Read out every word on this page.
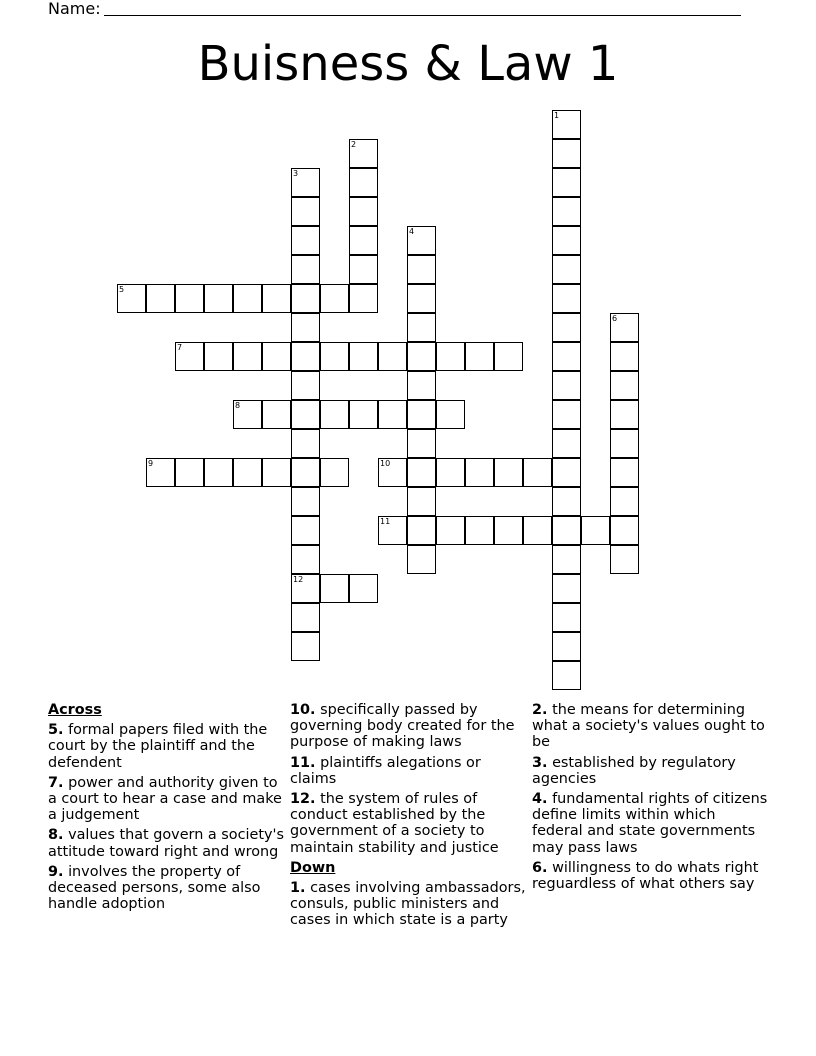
Name:
Buisness & Law 1
1
2
3
12
4
5
6
7
8
9	10
11
Across
5. formal papers filed with the court by the plaintiff and the defendent
7. power and authority given to a court to hear a case and make a judgement
8. values that govern a society's attitude toward right and wrong
9. involves the property of deceased persons, some also handle adoption
10. specifically passed by governing body created for the purpose of making laws
11. plaintiffs alegations or claims
12. the system of rules of conduct established by the government of a society to maintain stability and justice
Down
1. cases involving ambassadors, consuls, public ministers and cases in which state is a party
2. the means for determining what a society's values ought to be
3. established by regulatory agencies
4. fundamental rights of citizens define limits within which federal and state governments may pass laws
6. willingness to do whats right reguardless of what others say
